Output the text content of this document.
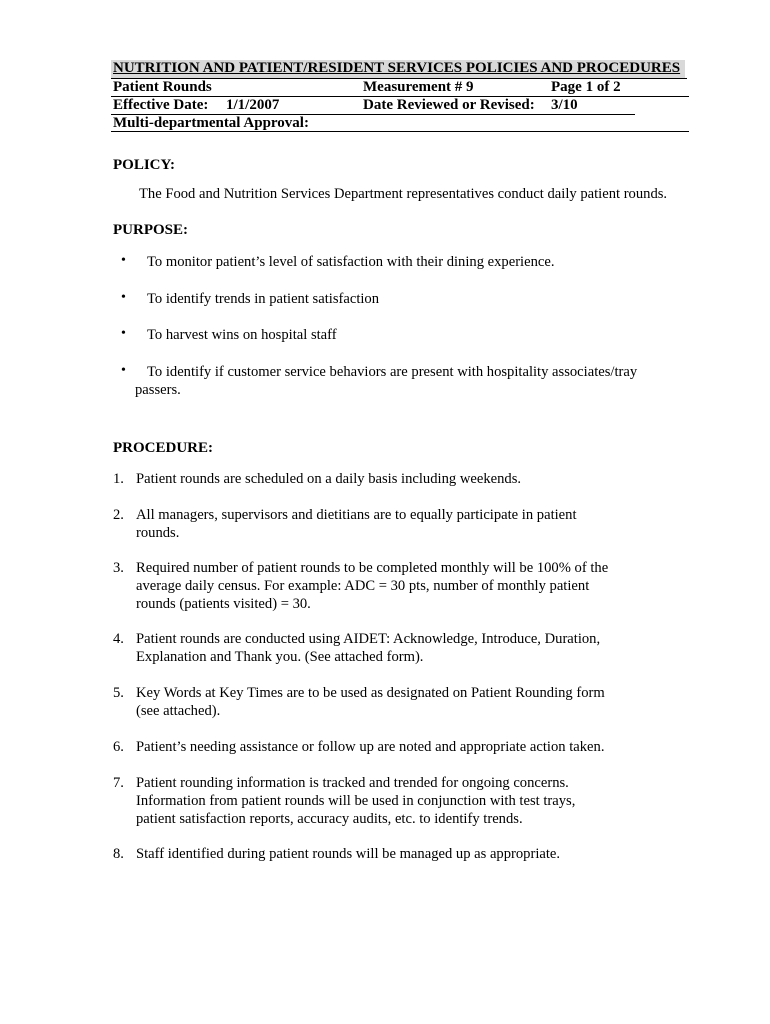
NUTRITION AND PATIENT/RESIDENT SERVICES POLICIES AND PROCEDURES
Patient Rounds	Measurement # 9	Page 1 of 2
Effective Date: 1/1/2007	Date Reviewed or Revised: 3/10
Multi-departmental Approval:
POLICY:
The Food and Nutrition Services Department representatives conduct daily patient rounds.
PURPOSE:
• To monitor patient’s level of satisfaction with their dining experience.
• To identify trends in patient satisfaction
• To harvest wins on hospital staff
• To identify if customer service behaviors are present with hospitality associates/tray
passers.
PROCEDURE:
1. Patient rounds are scheduled on a daily basis including weekends.
2. All managers, supervisors and dietitians are to equally participate in patient
rounds.
3. Required number of patient rounds to be completed monthly will be 100% of the
average daily census. For example: ADC = 30 pts, number of monthly patient
rounds (patients visited) = 30.
4. Patient rounds are conducted using AIDET: Acknowledge, Introduce, Duration,
Explanation and Thank you. (See attached form).
5. Key Words at Key Times are to be used as designated on Patient Rounding form
(see attached).
6. Patient’s needing assistance or follow up are noted and appropriate action taken.
7. Patient rounding information is tracked and trended for ongoing concerns.
Information from patient rounds will be used in conjunction with test trays,
patient satisfaction reports, accuracy audits, etc. to identify trends.
8. Staff identified during patient rounds will be managed up as appropriate.
